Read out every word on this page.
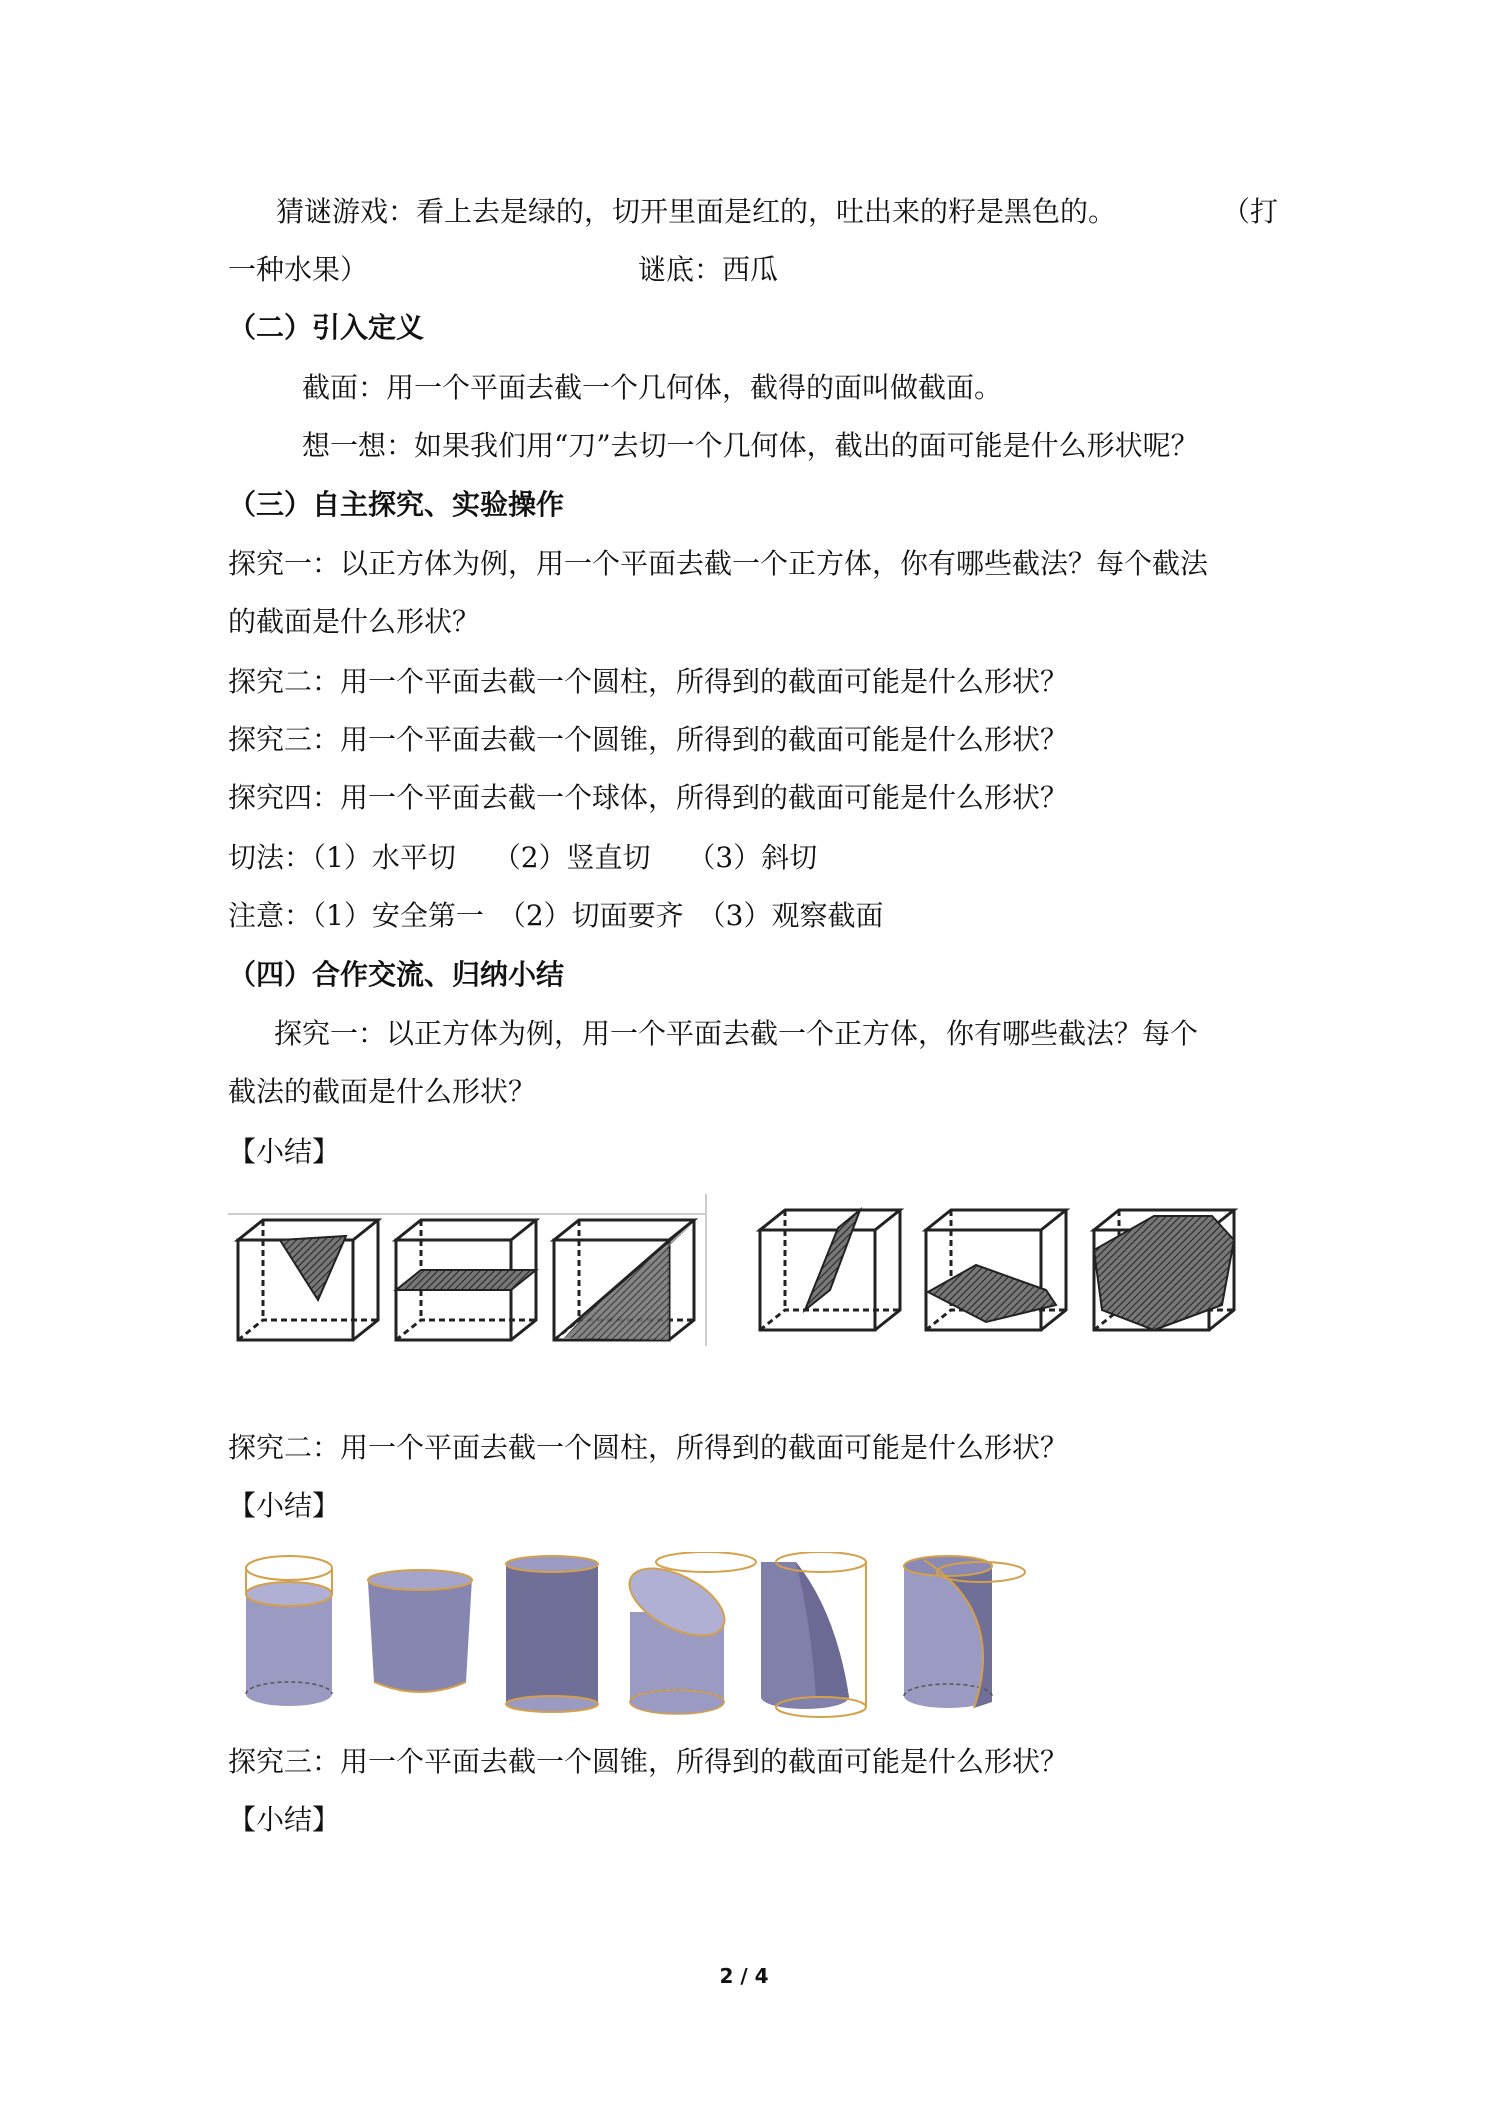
猜谜游戏：看上去是绿的，切开里面是红的，吐出来的籽是黑色的。	（打
一种水果）	谜底：西瓜
（二）引入定义
截面：用一个平面去截一个几何体，截得的面叫做截面。
想一想：如果我们用“刀”去切一个几何体，截出的面可能是什么形状呢？
（三）自主探究、实验操作
探究一：以正方体为例，用一个平面去截一个正方体，你有哪些截法？每个截法
的截面是什么形状？
探究二：用一个平面去截一个圆柱，所得到的截面可能是什么形状？
探究三：用一个平面去截一个圆锥，所得到的截面可能是什么形状？
探究四：用一个平面去截一个球体，所得到的截面可能是什么形状？
切法：（1）水平切　 （2）竖直切　 （3）斜切
注意：（1）安全第一　（2）切面要齐　（3）观察截面
（四）合作交流、归纳小结
探究一：以正方体为例，用一个平面去截一个正方体，你有哪些截法？每个
截法的截面是什么形状？
【小结】
探究二：用一个平面去截一个圆柱，所得到的截面可能是什么形状？
【小结】
探究三：用一个平面去截一个圆锥，所得到的截面可能是什么形状？
【小结】
2 / 4
